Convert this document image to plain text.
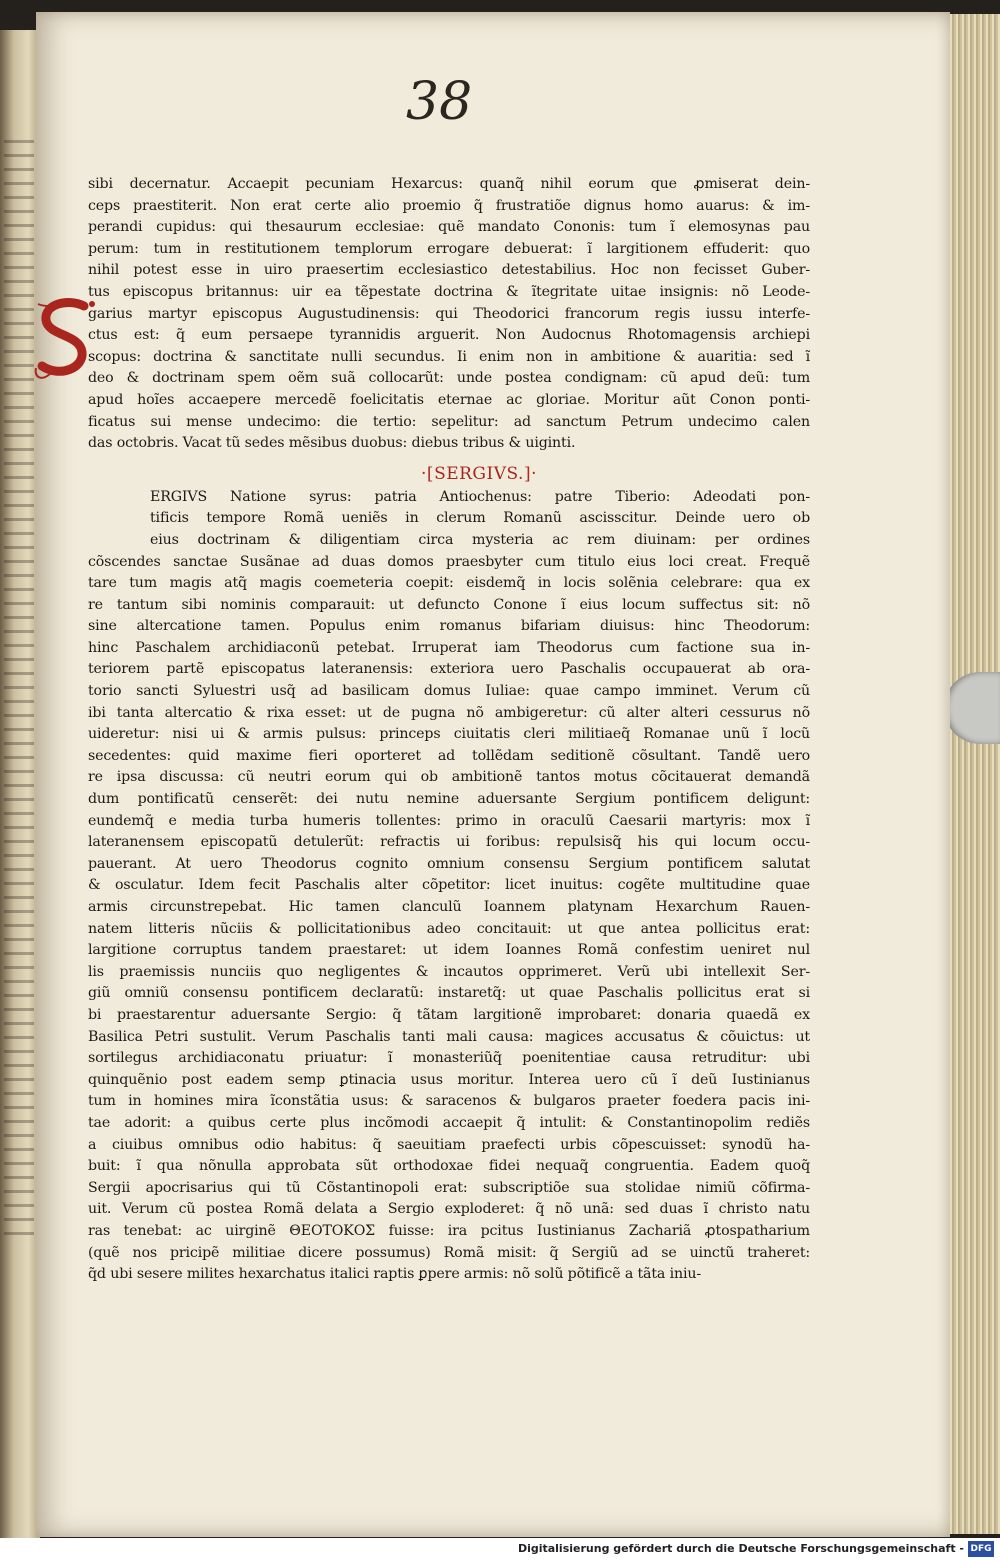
38
sibi decernatur. Accaepit pecuniam Hexarcus: quanq̃ nihil eorum que ꝓmiserat dein-
ceps praestiterit. Non erat certe alio proemio q̃ frustratiõe dignus homo auarus: & im-
perandi cupidus: qui thesaurum ecclesiae: quẽ mandato Cononis: tum ĩ elemosynas pau
perum: tum in restitutionem templorum errogare debuerat: ĩ largitionem effuderit: quo
nihil potest esse in uiro praesertim ecclesiastico detestabilius. Hoc non fecisset Guber-
tus episcopus britannus: uir ea tẽpestate doctrina & ĩtegritate uitae insignis: nõ Leode-
garius martyr episcopus Augustudinensis: qui Theodorici francorum regis iussu interfe-
ctus est: q̃ eum persaepe tyrannidis arguerit. Non Audocnus Rhotomagensis archiepi
scopus: doctrina & sanctitate nulli secundus. Ii enim non in ambitione & auaritia: sed ĩ
deo & doctrinam spem oẽm suã collocarũt: unde postea condignam: cũ apud deũ: tum
apud hoĩes accaepere mercedẽ foelicitatis eternae ac gloriae. Moritur aũt Conon ponti-
ficatus sui mense undecimo: die tertio: sepelitur: ad sanctum Petrum undecimo calen
das octobris. Vacat tũ sedes mẽsibus duobus: diebus tribus & uiginti.
·[SERGIVS.]·
ERGIVS Natione syrus: patria Antiochenus: patre Tiberio: Adeodati pon-
tificis tempore Romã ueniẽs in clerum Romanũ ascisscitur. Deinde uero ob
eius doctrinam & diligentiam circa mysteria ac rem diuinam: per ordines
cõscendes sanctae Susãnae ad duas domos praesbyter cum titulo eius loci creat. Frequẽ
tare tum magis atq̃ magis coemeteria coepit: eisdemq̃ in locis solẽnia celebrare: qua ex
re tantum sibi nominis comparauit: ut defuncto Conone ĩ eius locum suffectus sit: nõ
sine altercatione tamen. Populus enim romanus bifariam diuisus: hinc Theodorum:
hinc Paschalem archidiaconũ petebat. Irruperat iam Theodorus cum factione sua in-
teriorem partẽ episcopatus lateranensis: exteriora uero Paschalis occupauerat ab ora-
torio sancti Syluestri usq̃ ad basilicam domus Iuliae: quae campo imminet. Verum cũ
ibi tanta altercatio & rixa esset: ut de pugna nõ ambigeretur: cũ alter alteri cessurus nõ
uideretur: nisi ui & armis pulsus: princeps ciuitatis cleri militiaeq̃ Romanae unũ ĩ locũ
secedentes: quid maxime fieri oporteret ad tollẽdam seditionẽ cõsultant. Tandẽ uero
re ipsa discussa: cũ neutri eorum qui ob ambitionẽ tantos motus cõcitauerat demandã
dum pontificatũ censerẽt: dei nutu nemine aduersante Sergium pontificem deligunt:
eundemq̃ e media turba humeris tollentes: primo in oraculũ Caesarii martyris: mox ĩ
lateranensem episcopatũ detulerũt: refractis ui foribus: repulsisq̃ his qui locum occu-
pauerant. At uero Theodorus cognito omnium consensu Sergium pontificem salutat
& osculatur. Idem fecit Paschalis alter cõpetitor: licet inuitus: cogẽte multitudine quae
armis circunstrepebat. Hic tamen clanculũ Ioannem platynam Hexarchum Rauen-
natem litteris nũciis & pollicitationibus adeo concitauit: ut que antea pollicitus erat:
largitione corruptus tandem praestaret: ut idem Ioannes Romã confestim ueniret nul
lis praemissis nunciis quo negligentes & incautos opprimeret. Verũ ubi intellexit Ser-
giũ omniũ consensu pontificem declaratũ: instaretq̃: ut quae Paschalis pollicitus erat si
bi praestarentur aduersante Sergio: q̃ tãtam largitionẽ improbaret: donaria quaedã ex
Basilica Petri sustulit. Verum Paschalis tanti mali causa: magices accusatus & cõuictus: ut
sortilegus archidiaconatu priuatur: ĩ monasteriũq̃ poenitentiae causa retruditur: ubi
quinquẽnio post eadem semp ꝑtinacia usus moritur. Interea uero cũ ĩ deũ Iustinianus
tum in homines mira ĩconstãtia usus: & saracenos & bulgaros praeter foedera pacis ini-
tae adorit: a quibus certe plus incõmodi accaepit q̃ intulit: & Constantinopolim rediẽs
a ciuibus omnibus odio habitus: q̃ saeuitiam praefecti urbis cõpescuisset: synodũ ha-
buit: ĩ qua nõnulla approbata sũt orthodoxae fidei nequaq̃ congruentia. Eadem quoq̃
Sergii apocrisarius qui tũ Cõstantinopoli erat: subscriptiõe sua stolidae nimiũ cõfirma-
uit. Verum cũ postea Romã delata a Sergio exploderet: q̃ nõ unã: sed duas ĩ christo natu
ras tenebat: ac uirginẽ ΘΕΟΤΟΚΟΣ fuisse: ira pcitus Iustinianus Zachariã ꝓtospatharium
(quẽ nos pricipẽ militiae dicere possumus) Romã misit: q̃ Sergiũ ad se uinctũ traheret:
q̃d ubi sesere milites hexarchatus italici raptis ꝑpere armis: nõ solũ põtificẽ a tãta iniu-
Digitalisierung gefördert durch die Deutsche Forschungsgemeinschaft - DFG
